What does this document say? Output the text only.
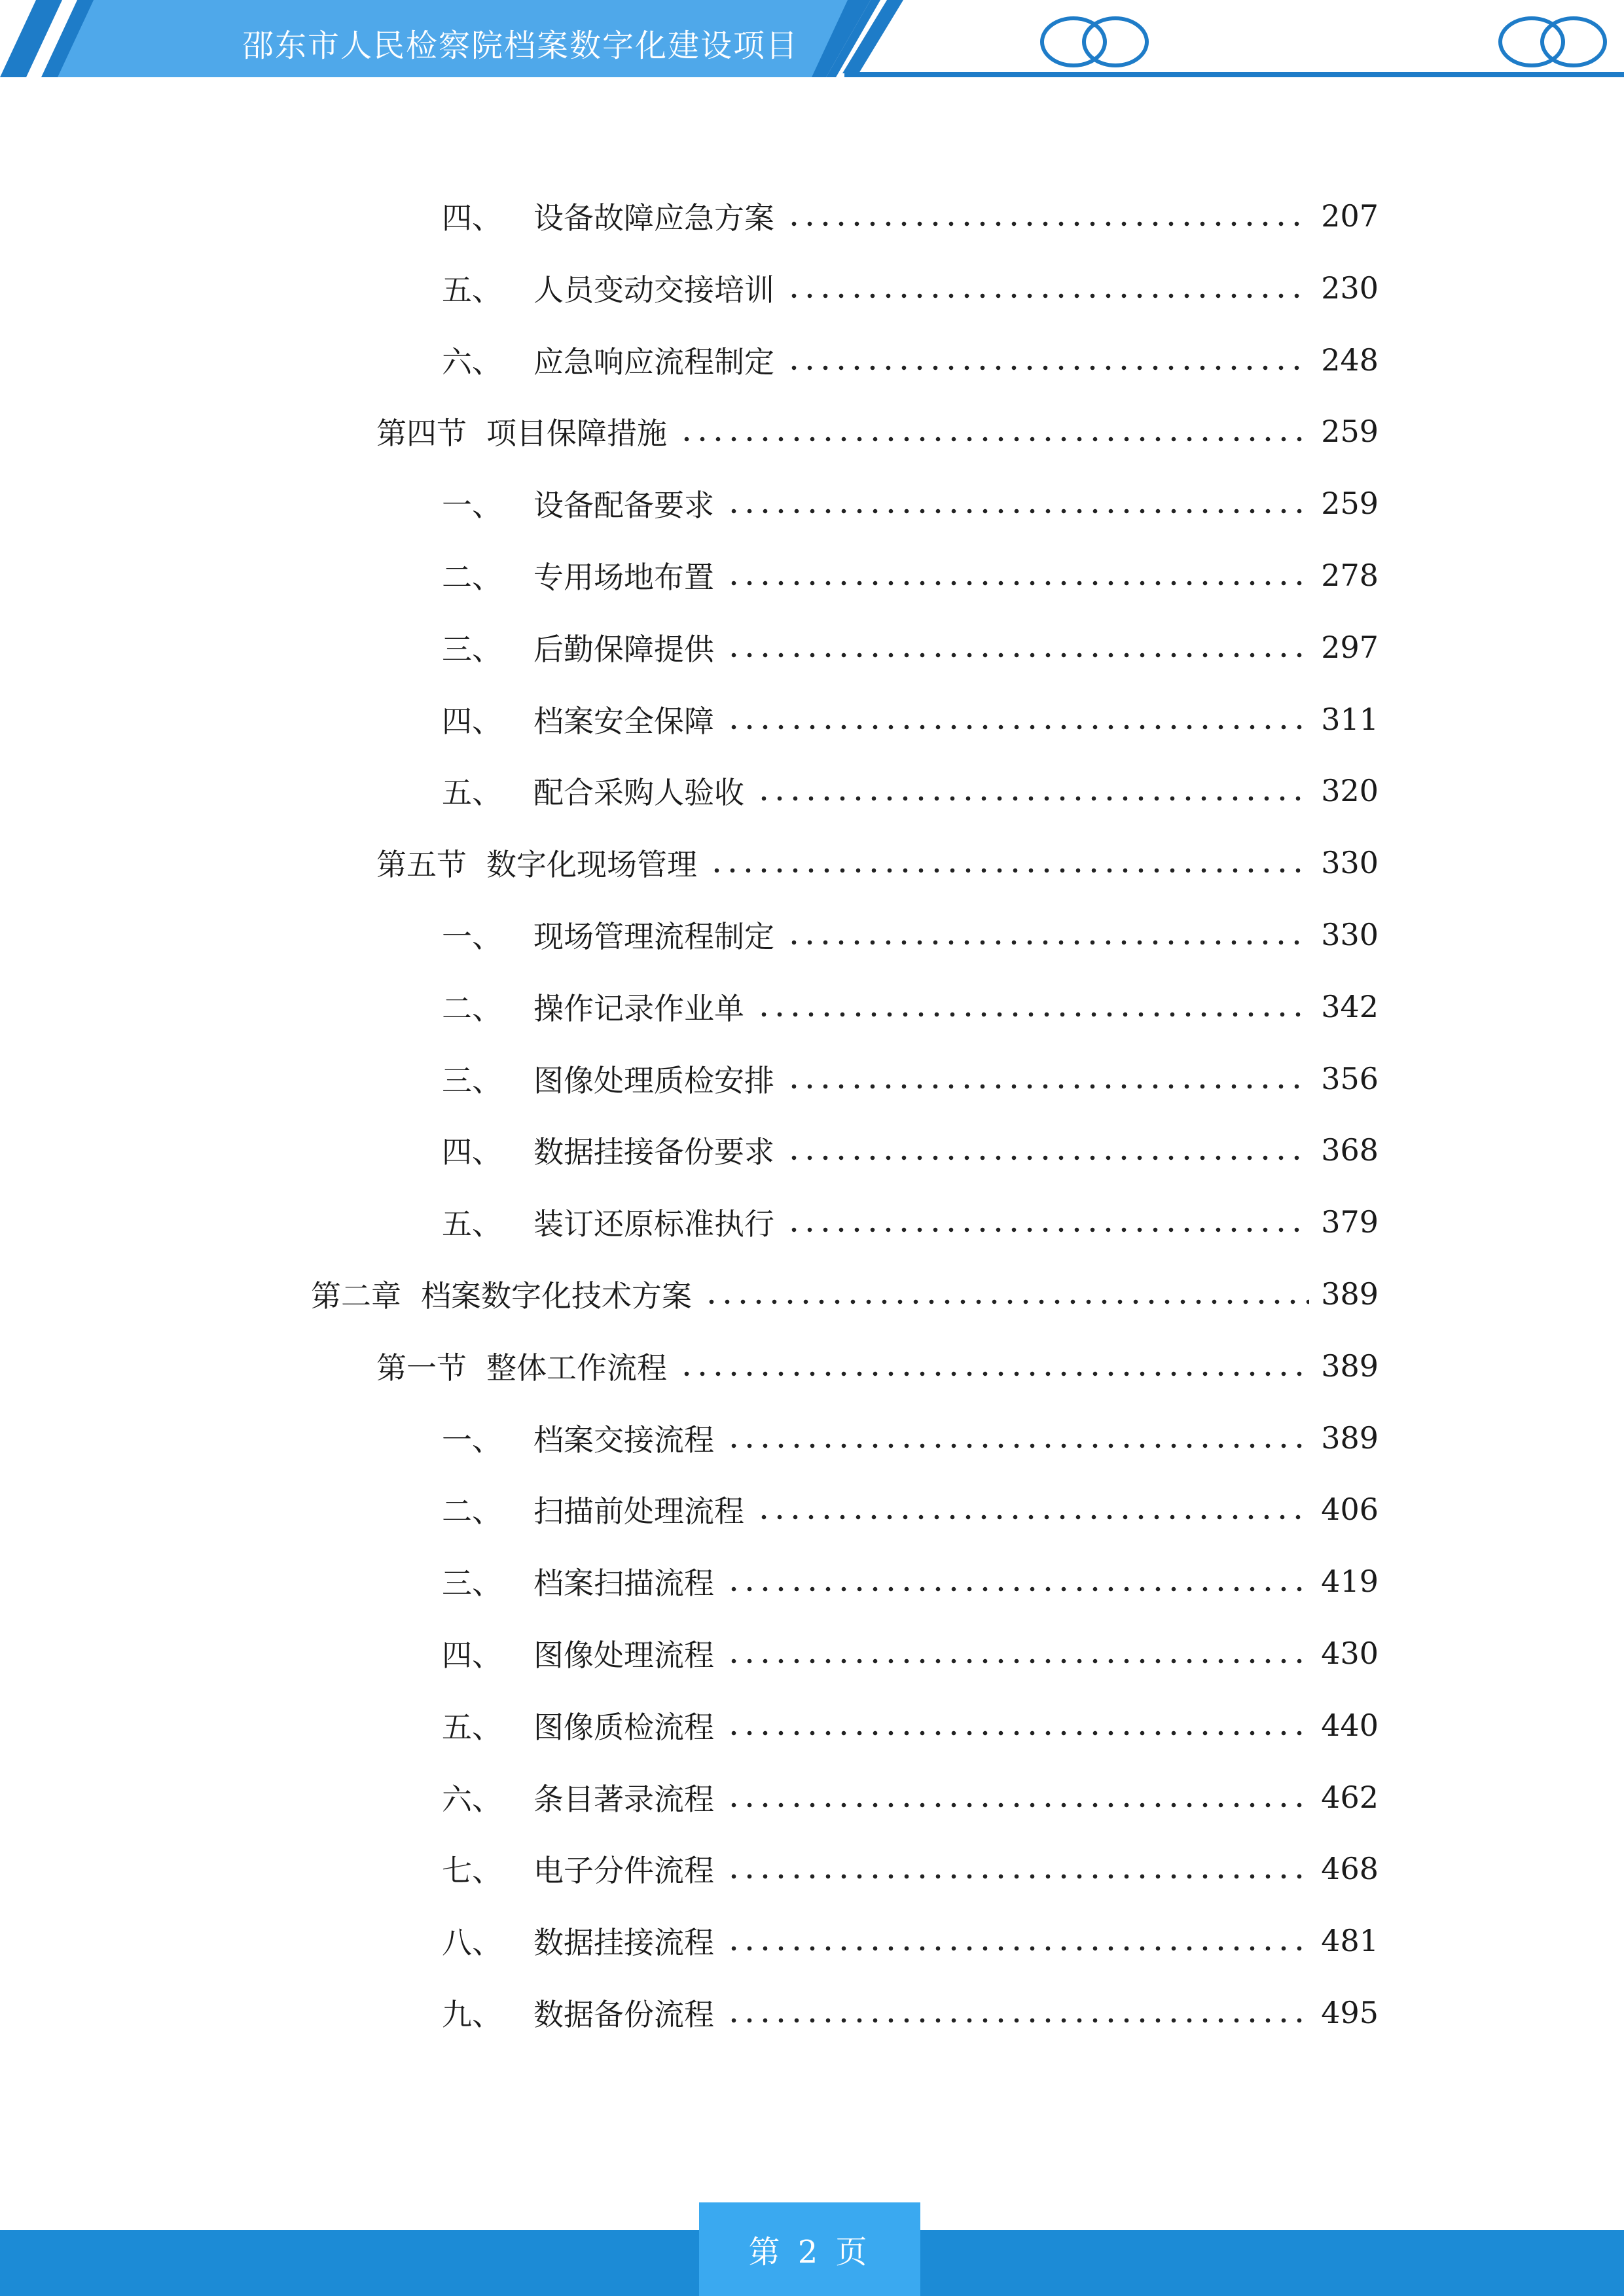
邵东市人民检察院档案数字化建设项目
四、 设备故障应急方案	207
五、 人员变动交接培训	230
六、 应急响应流程制定	248
第四节 项目保障措施	259
一、 设备配备要求	259
二、 专用场地布置	278
三、 后勤保障提供	297
四、 档案安全保障	311
五、 配合采购人验收	320
第五节 数字化现场管理	330
一、 现场管理流程制定	330
二、 操作记录作业单	342
三、 图像处理质检安排	356
四、 数据挂接备份要求	368
五、 装订还原标准执行	379
第二章 档案数字化技术方案	389
第一节 整体工作流程	389
一、 档案交接流程	389
二、 扫描前处理流程	406
三、 档案扫描流程	419
四、 图像处理流程	430
五、 图像质检流程	440
六、 条目著录流程	462
七、 电子分件流程	468
八、 数据挂接流程	481
九、 数据备份流程	495
第 2 页
